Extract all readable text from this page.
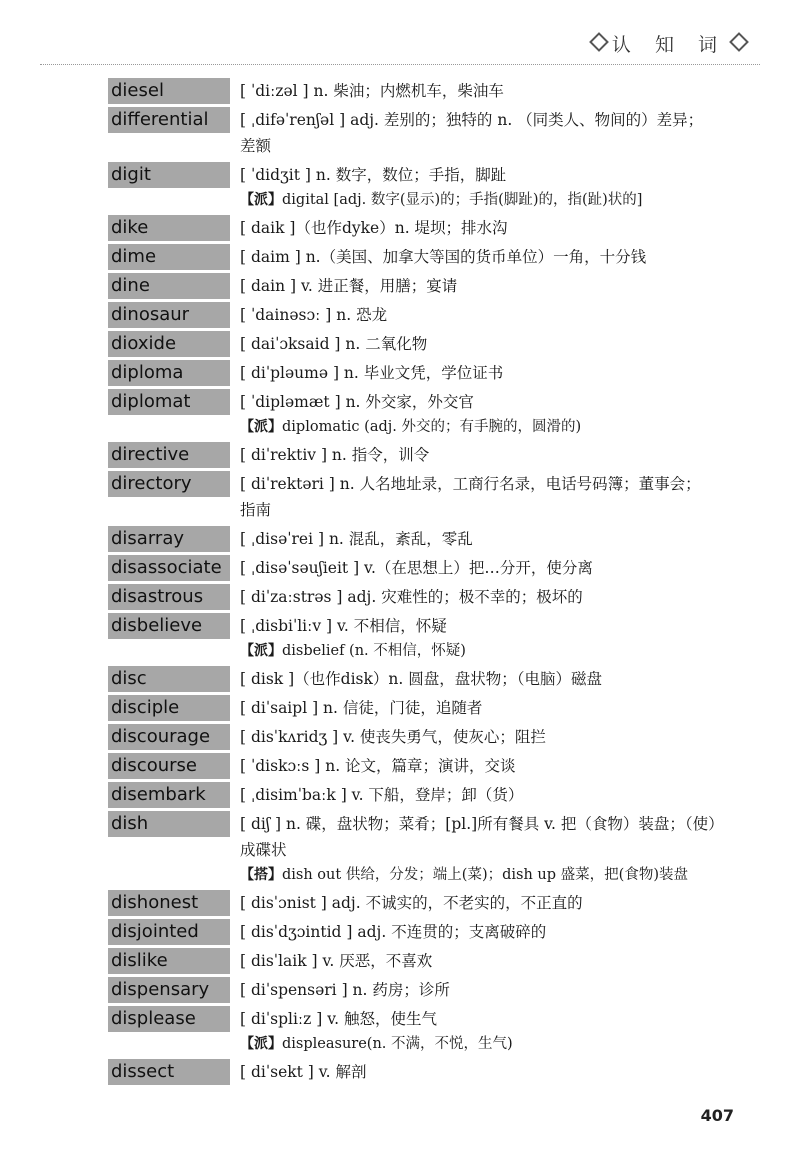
认 知 词
diesel	[ ˈdiːzəl ] n. 柴油；内燃机车，柴油车
differential	[ ˌdifəˈrenʃəl ] adj. 差别的；独特的 n. （同类人、物间的）差异；
差额
digit	[ ˈdidʒit ] n. 数字，数位；手指，脚趾
【派】digital [adj. 数字(显示)的；手指(脚趾)的，指(趾)状的]
dike	[ daik ]（也作dyke）n. 堤坝；排水沟
dime	[ daim ] n.（美国、加拿大等国的货币单位）一角，十分钱
dine	[ dain ] v. 进正餐，用膳；宴请
dinosaur	[ ˈdainəsɔː ] n. 恐龙
dioxide	[ daiˈɔksaid ] n. 二氧化物
diploma	[ diˈpləumə ] n. 毕业文凭，学位证书
diplomat	[ ˈdipləmæt ] n. 外交家，外交官
【派】diplomatic (adj. 外交的；有手腕的，圆滑的)
directive	[ diˈrektiv ] n. 指令，训令
directory	[ diˈrektəri ] n. 人名地址录，工商行名录，电话号码簿；董事会；
指南
disarray	[ ˌdisəˈrei ] n. 混乱，紊乱，零乱
disassociate	[ ˌdisəˈsəuʃieit ] v.（在思想上）把…分开，使分离
disastrous	[ diˈzaːstrəs ] adj. 灾难性的；极不幸的；极坏的
disbelieve	[ ˌdisbiˈliːv ] v. 不相信，怀疑
【派】disbelief (n. 不相信，怀疑)
disc	[ disk ]（也作disk）n. 圆盘，盘状物；（电脑）磁盘
disciple	[ diˈsaipl ] n. 信徒，门徒，追随者
discourage	[ disˈkʌridʒ ] v. 使丧失勇气，使灰心；阻拦
discourse	[ ˈdiskɔːs ] n. 论文，篇章；演讲，交谈
disembark	[ ˌdisimˈbaːk ] v. 下船，登岸；卸（货）
dish	[ diʃ ] n. 碟，盘状物；菜肴；[pl.]所有餐具 v. 把（食物）装盘；（使）
成碟状
【搭】dish out 供给，分发；端上(菜)；dish up 盛菜，把(食物)装盘
dishonest	[ disˈɔnist ] adj. 不诚实的，不老实的，不正直的
disjointed	[ disˈdʒɔintid ] adj. 不连贯的；支离破碎的
dislike	[ disˈlaik ] v. 厌恶，不喜欢
dispensary	[ diˈspensəri ] n. 药房；诊所
displease	[ diˈspliːz ] v. 触怒，使生气
【派】displeasure(n. 不满，不悦，生气)
dissect	[ diˈsekt ] v. 解剖
407
